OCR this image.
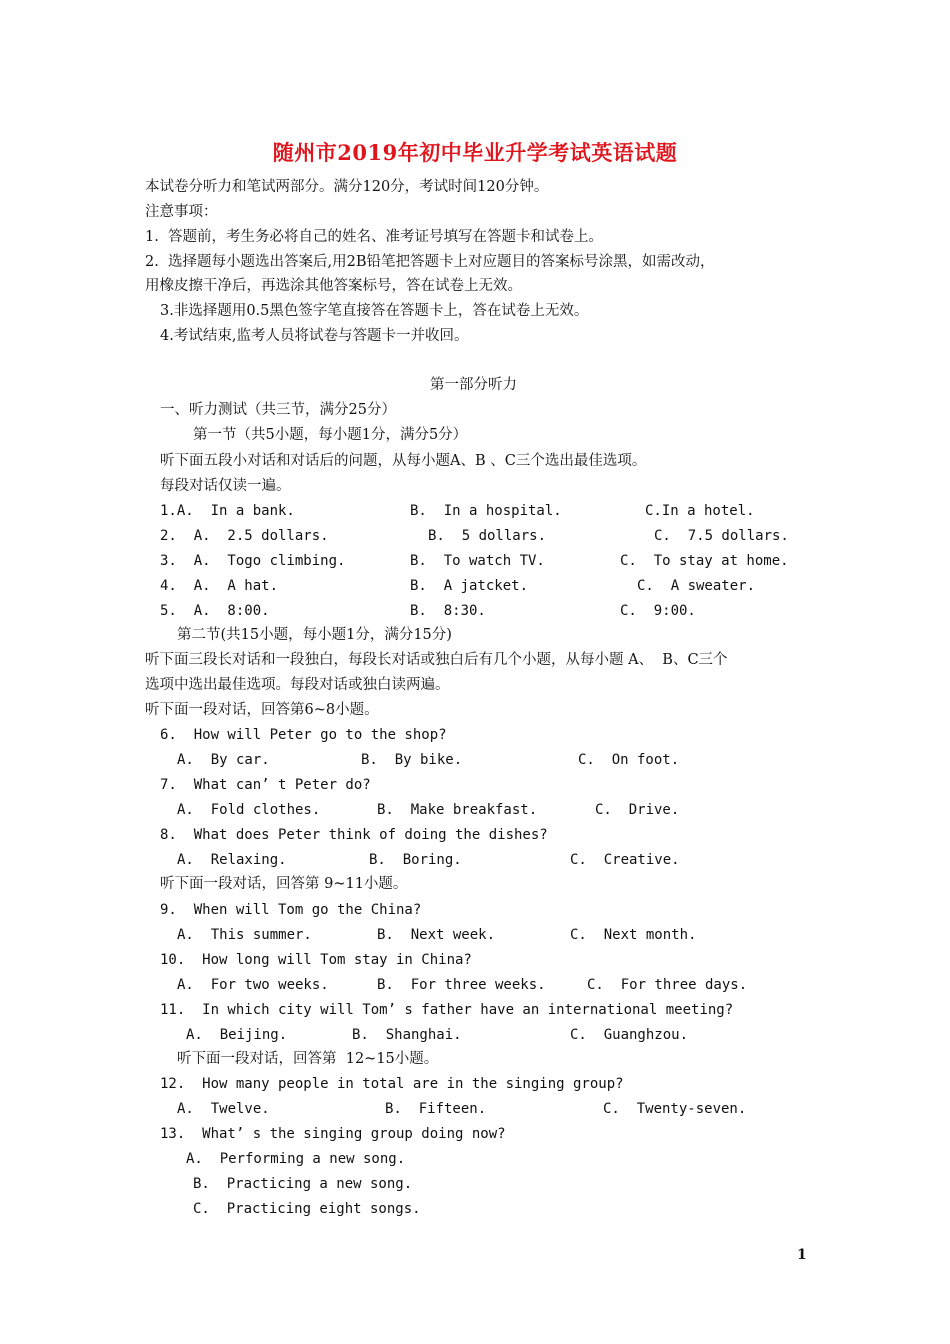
随州市2019年初中毕业升学考试英语试题
本试卷分听力和笔试两部分。满分120分，考试时间120分钟。
注意事项：
1.  答题前，考生务必将自己的姓名、准考证号填写在答题卡和试卷上。
2.  选择题每小题选出答案后,用2B铅笔把答题卡上对应题目的答案标号涂黑，如需改动，
用橡皮擦干净后，再选涂其他答案标号，答在试卷上无效。
3.非选择题用0.5黑色签字笔直接答在答题卡上，答在试卷上无效。
4.考试结束,监考人员将试卷与答题卡一并收回。
第一部分听力
一、听力测试（共三节，满分25分）
第一节（共5小题，每小题1分，满分5分）
听下面五段小对话和对话后的问题，从每小题A、B 、C三个选出最佳选项。
每段对话仅读一遍。
1.A.  In a bank.	B.  In a hospital.	C.In a hotel.
2.  A.  2.5 dollars.	B.  5 dollars.	C.  7.5 dollars.
3.  A.  Togo climbing.	B.  To watch TV.	C.  To stay at home.
4.  A.  A hat.	B.  A jatcket.	C.  A sweater.
5.  A.  8:00.	B.  8:30.	C.  9:00.
第二节(共15小题，每小题1分，满分15分)
听下面三段长对话和一段独白，每段长对话或独白后有几个小题，从每小题 A、  B、C三个
选项中选出最佳选项。每段对话或独白读两遍。
听下面一段对话，回答第6~8小题。
6.  How will Peter go to the shop?
A.  By car.	B.  By bike.	C.  On foot.
7.  What can’ t Peter do?
A.  Fold clothes.	B.  Make breakfast.	C.  Drive.
8.  What does Peter think of doing the dishes?
A.  Relaxing.	B.  Boring.	C.  Creative.
听下面一段对话，回答第 9~11小题。
9.  When will Tom go the China?
A.  This summer.	B.  Next week.	C.  Next month.
10.  How long will Tom stay in China?
A.  For two weeks.	B.  For three weeks.	C.  For three days.
11.  In which city will Tom’ s father have an international meeting?
A.  Beijing.	B.  Shanghai.	C.  Guanghzou.
听下面一段对话，回答第  12~15小题。
12.  How many people in total are in the singing group?
A.  Twelve.	B.  Fifteen.	C.  Twenty-seven.
13.  What’ s the singing group doing now?
A.  Performing a new song.
B.  Practicing a new song.
C.  Practicing eight songs.
1
